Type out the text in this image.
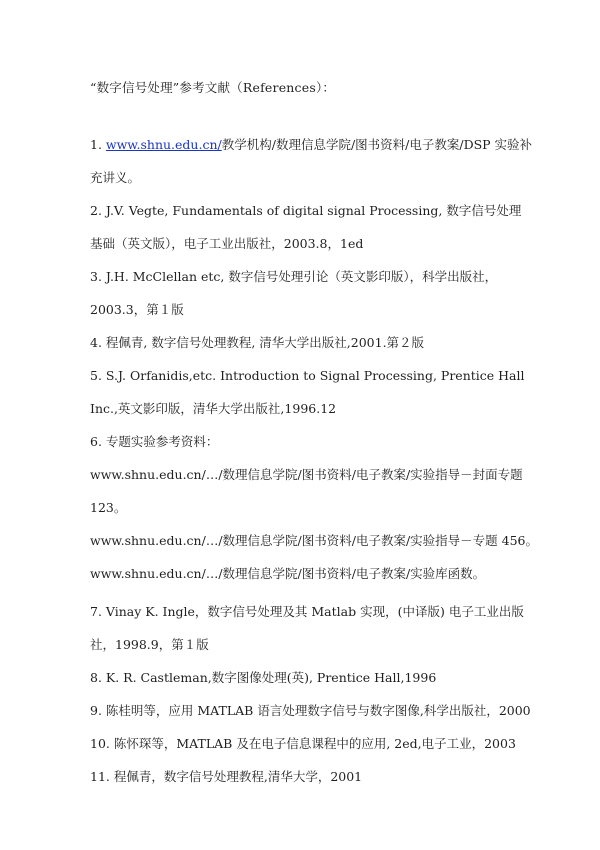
“数字信号处理”参考文献（References）：
1. www.shnu.edu.cn/教学机构/数理信息学院/图书资料/电子教案/DSP 实验补
充讲义。
2. J.V. Vegte, Fundamentals of digital signal Processing, 数字信号处理
基础（英文版），电子工业出版社，2003.8，1ed
3. J.H. McClellan etc, 数字信号处理引论（英文影印版），科学出版社，
2003.3，第１版
4. 程佩青, 数字信号处理教程, 清华大学出版社,2001.第２版
5. S.J. Orfanidis,etc. Introduction to Signal Processing, Prentice Hall
Inc.,英文影印版，清华大学出版社,1996.12
6. 专题实验参考资料：
www.shnu.edu.cn/…/数理信息学院/图书资料/电子教案/实验指导－封面专题
123。
www.shnu.edu.cn/…/数理信息学院/图书资料/电子教案/实验指导－专题 456。
www.shnu.edu.cn/…/数理信息学院/图书资料/电子教案/实验库函数。
7. Vinay K. Ingle，数字信号处理及其 Matlab 实现，(中译版) 电子工业出版
社，1998.9，第１版
8. K. R. Castleman,数字图像处理(英), Prentice Hall,1996
9. 陈桂明等，应用 MATLAB 语言处理数字信号与数字图像,科学出版社，2000
10. 陈怀琛等，MATLAB 及在电子信息课程中的应用, 2ed,电子工业，2003
11. 程佩青，数字信号处理教程,清华大学，2001
